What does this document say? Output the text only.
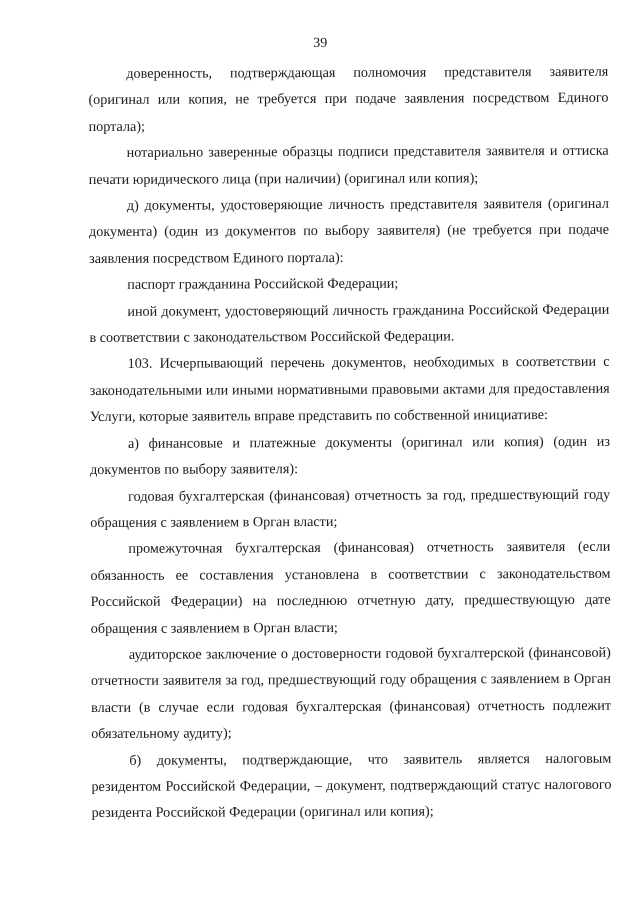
39

доверенность, подтверждающая полномочия представителя заявителя (оригинал или копия, не требуется при подаче заявления посредством Единого портала);

нотариально заверенные образцы подписи представителя заявителя и оттиска печати юридического лица (при наличии) (оригинал или копия);

д) документы, удостоверяющие личность представителя заявителя (оригинал документа) (один из документов по выбору заявителя) (не требуется при подаче заявления посредством Единого портала):

паспорт гражданина Российской Федерации;

иной документ, удостоверяющий личность гражданина Российской Федерации в соответствии с законодательством Российской Федерации.

103. Исчерпывающий перечень документов, необходимых в соответствии с законодательными или иными нормативными правовыми актами для предоставления Услуги, которые заявитель вправе представить по собственной инициативе:

а) финансовые и платежные документы (оригинал или копия) (один из документов по выбору заявителя):

годовая бухгалтерская (финансовая) отчетность за год, предшествующий году обращения с заявлением в Орган власти;

промежуточная бухгалтерская (финансовая) отчетность заявителя (если обязанность ее составления установлена в соответствии с законодательством Российской Федерации) на последнюю отчетную дату, предшествующую дате обращения с заявлением в Орган власти;

аудиторское заключение о достоверности годовой бухгалтерской (финансовой) отчетности заявителя за год, предшествующий году обращения с заявлением в Орган власти (в случае если годовая бухгалтерская (финансовая) отчетность подлежит обязательному аудиту);

б) документы, подтверждающие, что заявитель является налоговым резидентом Российской Федерации, – документ, подтверждающий статус налогового резидента Российской Федерации (оригинал или копия);
